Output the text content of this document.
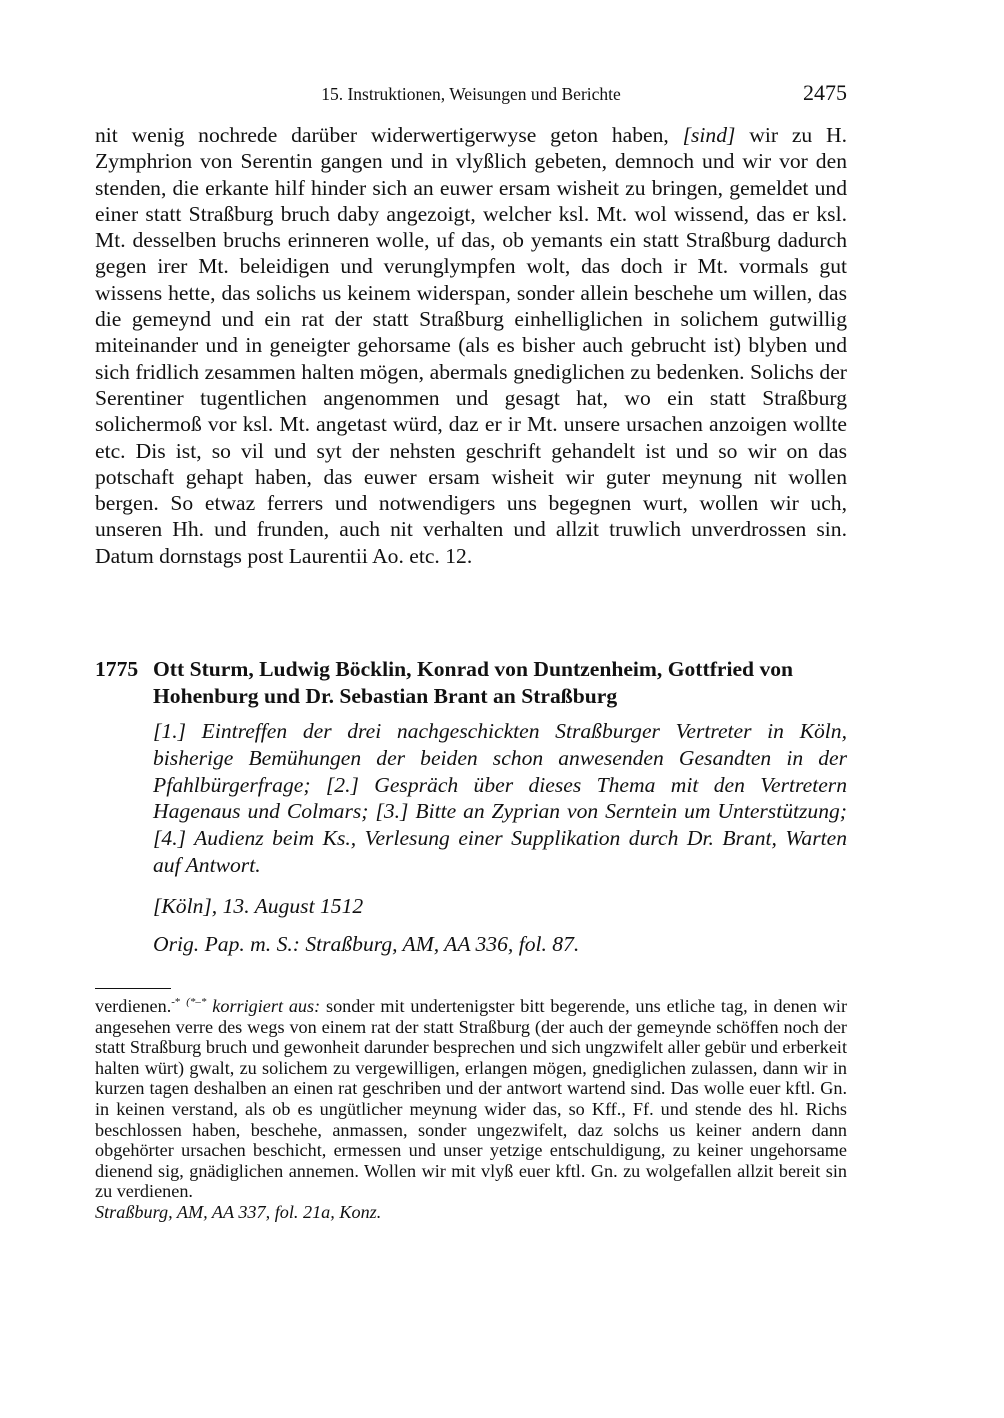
15. Instruktionen, Weisungen und Berichte	2475

nit wenig nochrede darüber widerwertigerwyse geton haben, [sind] wir zu H. Zymphrion von Serentin gangen und in vlyßlich gebeten, demnoch und wir vor den stenden, die erkante hilf hinder sich an euwer ersam wisheit zu bringen, gemeldet und einer statt Straßburg bruch daby angezoigt, welcher ksl. Mt. wol wissend, das er ksl. Mt. desselben bruchs erinneren wolle, uf das, ob yemants ein statt Straßburg dadurch gegen irer Mt. beleidigen und verunglympfen wolt, das doch ir Mt. vormals gut wissens hette, das solichs us keinem widerspan, sonder allein beschehe um willen, das die gemeynd und ein rat der statt Straßburg einhelliglichen in solichem gutwillig miteinander und in geneigter gehorsame (als es bisher auch gebrucht ist) blyben und sich fridlich zesammen halten mögen, abermals gnediglichen zu bedenken. Solichs der Serentiner tugentlichen angenommen und gesagt hat, wo ein statt Straßburg solichermoß vor ksl. Mt. angetast würd, daz er ir Mt. unsere ursachen anzoigen wollte etc. Dis ist, so vil und syt der nehsten geschrift gehandelt ist und so wir on das potschaft gehapt haben, das euwer ersam wisheit wir guter meynung nit wollen bergen. So etwaz ferrers und notwendigers uns begegnen wurt, wollen wir uch, unseren Hh. und frunden, auch nit verhalten und allzit truwlich unverdrossen sin. Datum dornstags post Laurentii Ao. etc. 12.

1775 Ott Sturm, Ludwig Böcklin, Konrad von Duntzenheim, Gottfried von Hohenburg und Dr. Sebastian Brant an Straßburg

[1.] Eintreffen der drei nachgeschickten Straßburger Vertreter in Köln, bisherige Bemühungen der beiden schon anwesenden Gesandten in der Pfahlbürgerfrage; [2.] Gespräch über dieses Thema mit den Vertretern Hagenaus und Colmars; [3.] Bitte an Zyprian von Serntein um Unterstützung; [4.] Audienz beim Ks., Verlesung einer Supplikation durch Dr. Brant, Warten auf Antwort.

[Köln], 13. August 1512

Orig. Pap. m. S.: Straßburg, AM, AA 336, fol. 87.

verdienen.-* (*–* korrigiert aus: sonder mit undertenigster bitt begerende, uns etliche tag, in denen wir angesehen verre des wegs von einem rat der statt Straßburg (der auch der gemeynde schöffen noch der statt Straßburg bruch und gewonheit darunder besprechen und sich ungzwifelt aller gebür und erberkeit halten würt) gwalt, zu solichem zu vergewilligen, erlangen mögen, gnediglichen zulassen, dann wir in kurzen tagen deshalben an einen rat geschriben und der antwort wartend sind. Das wolle euer kftl. Gn. in keinen verstand, als ob es ungütlicher meynung wider das, so Kff., Ff. und stende des hl. Richs beschlossen haben, beschehe, anmassen, sonder ungezwifelt, daz solchs us keiner andern dann obgehörter ursachen beschicht, ermessen und unser yetzige entschuldigung, zu keiner ungehorsame dienend sig, gnädiglichen annemen. Wollen wir mit vlyß euer kftl. Gn. zu wolgefallen allzit bereit sin zu verdienen.
Straßburg, AM, AA 337, fol. 21a, Konz.
